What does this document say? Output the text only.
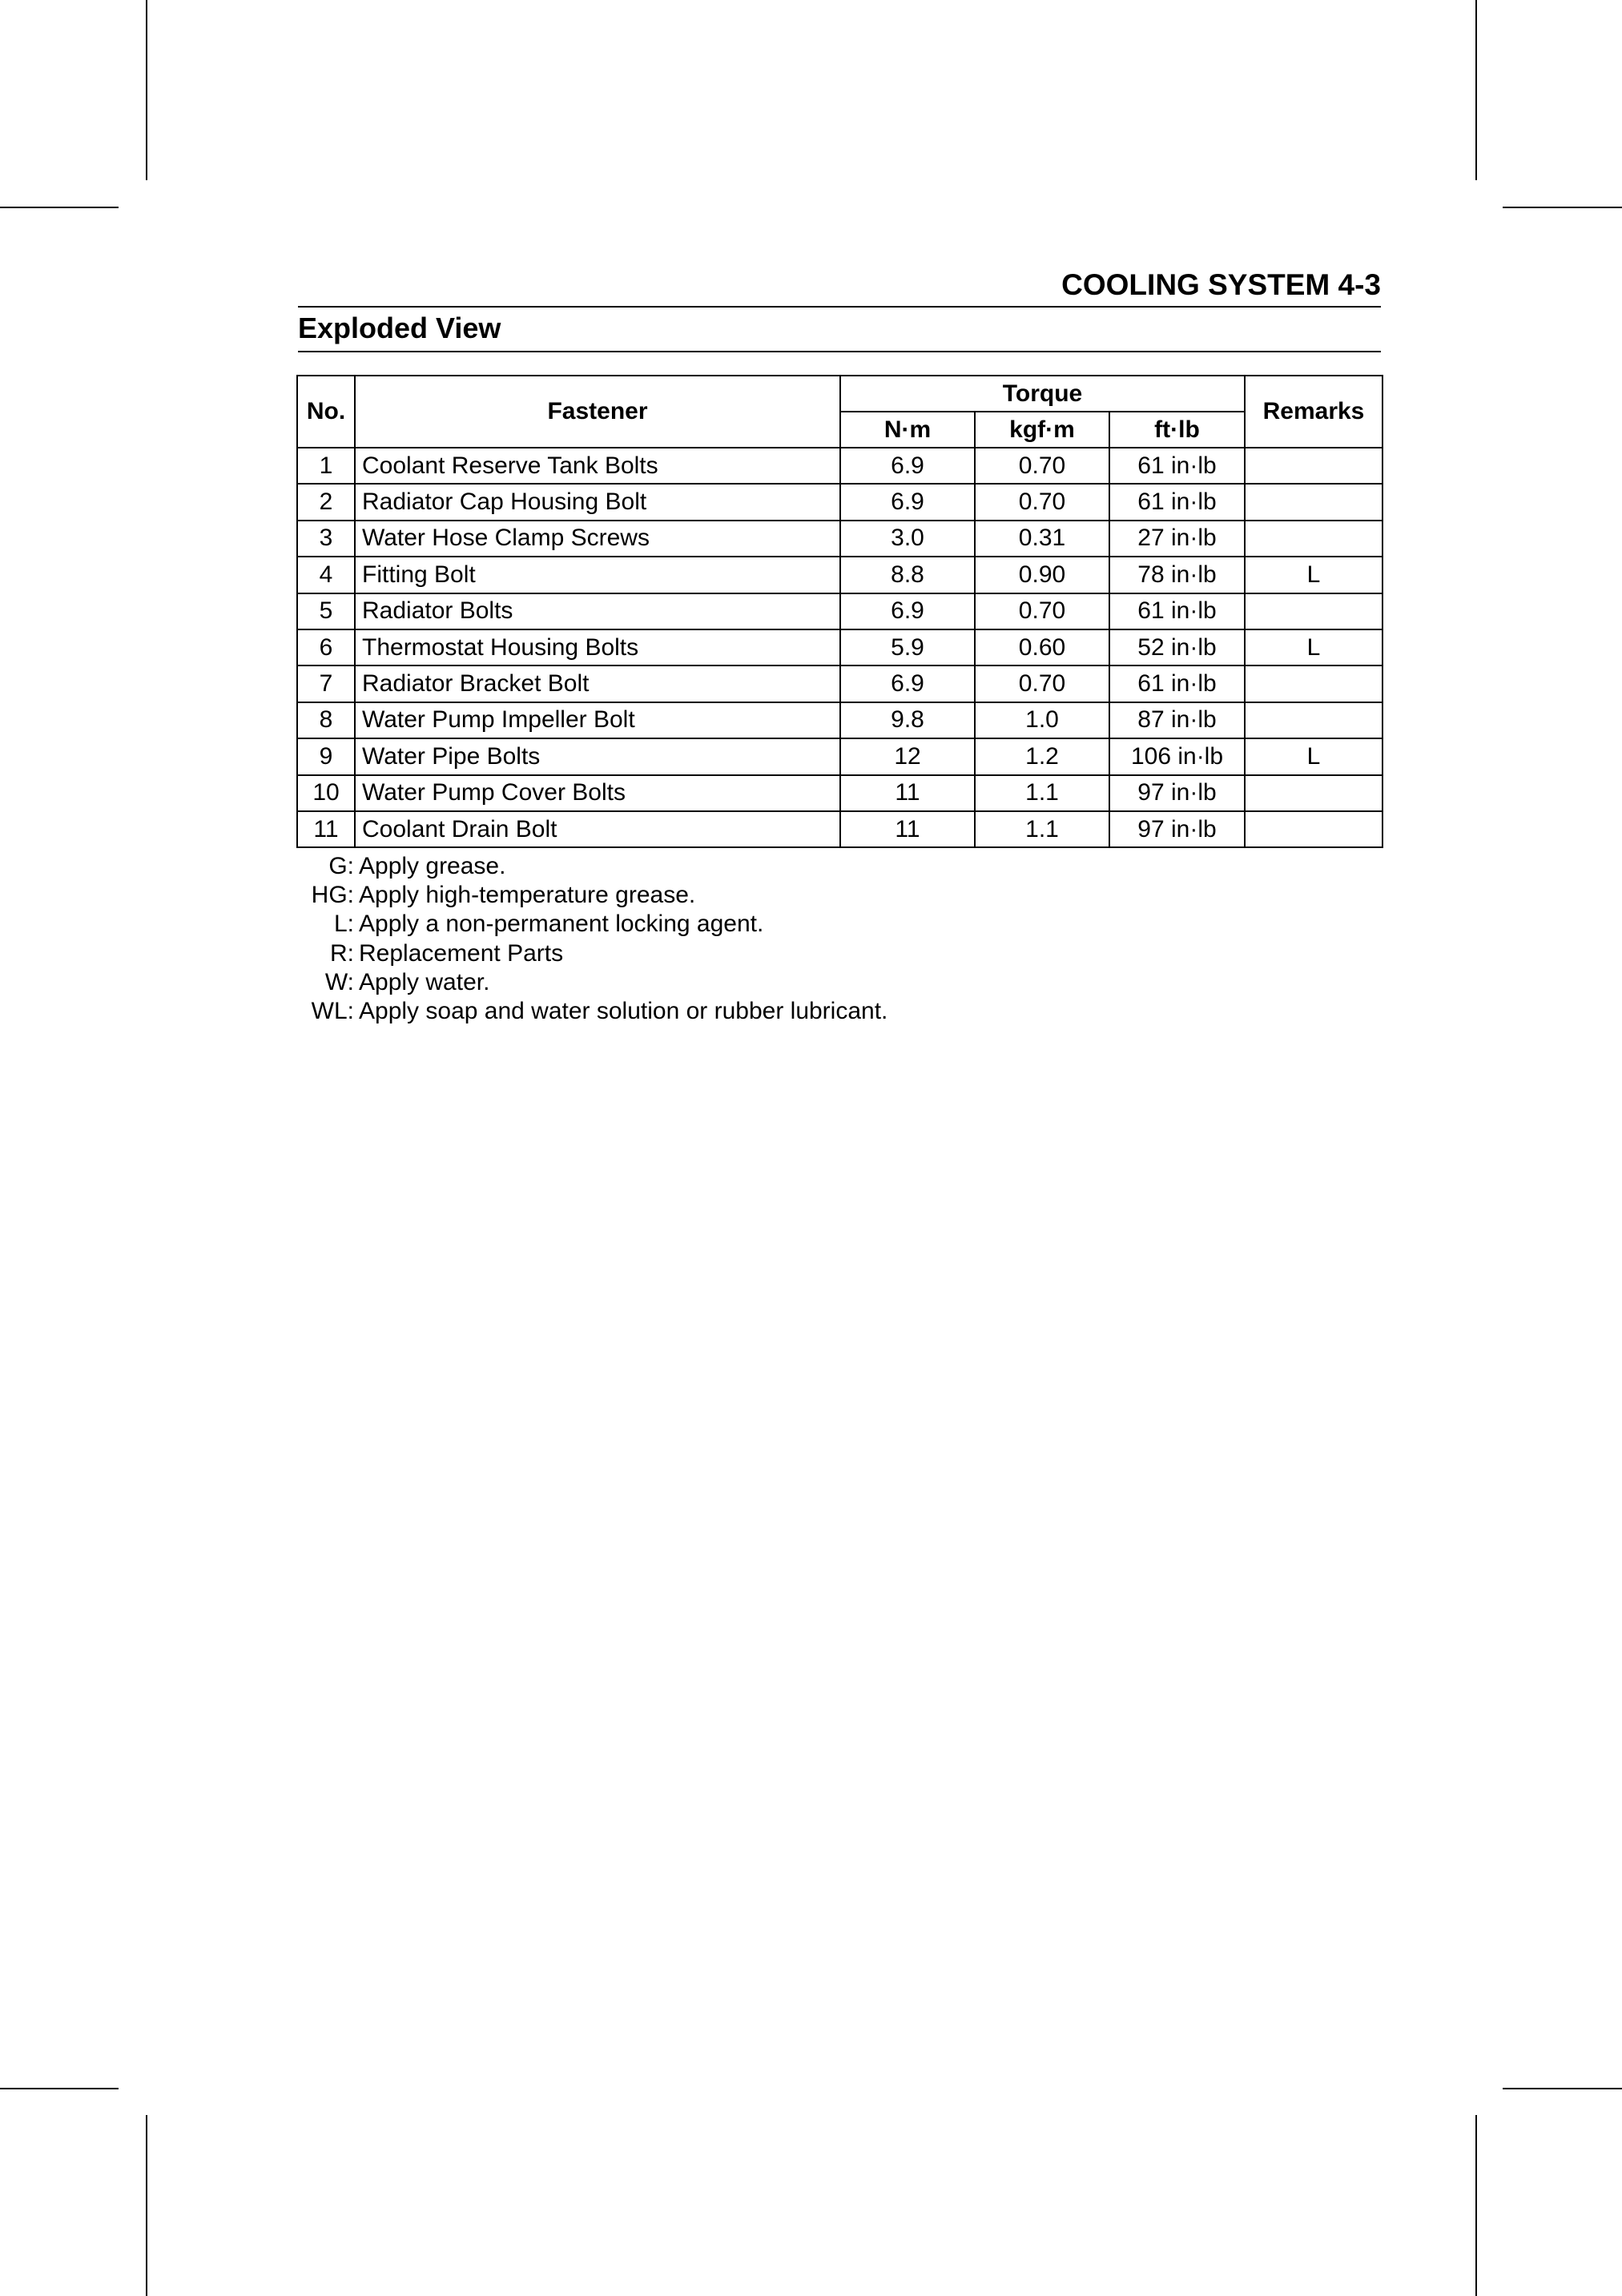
COOLING SYSTEM 4-3
Exploded View
No.	Fastener	Torque			Remarks
		N·m	kgf·m	ft·lb	
1	Coolant Reserve Tank Bolts	6.9	0.70	61 in·lb	
2	Radiator Cap Housing Bolt	6.9	0.70	61 in·lb	
3	Water Hose Clamp Screws	3.0	0.31	27 in·lb	
4	Fitting Bolt	8.8	0.90	78 in·lb	L
5	Radiator Bolts	6.9	0.70	61 in·lb	
6	Thermostat Housing Bolts	5.9	0.60	52 in·lb	L
7	Radiator Bracket Bolt	6.9	0.70	61 in·lb	
8	Water Pump Impeller Bolt	9.8	1.0	87 in·lb	
9	Water Pipe Bolts	12	1.2	106 in·lb	L
10	Water Pump Cover Bolts	11	1.1	97 in·lb	
11	Coolant Drain Bolt	11	1.1	97 in·lb	
G: Apply grease.
HG: Apply high-temperature grease.
L: Apply a non-permanent locking agent.
R: Replacement Parts
W: Apply water.
WL: Apply soap and water solution or rubber lubricant.
